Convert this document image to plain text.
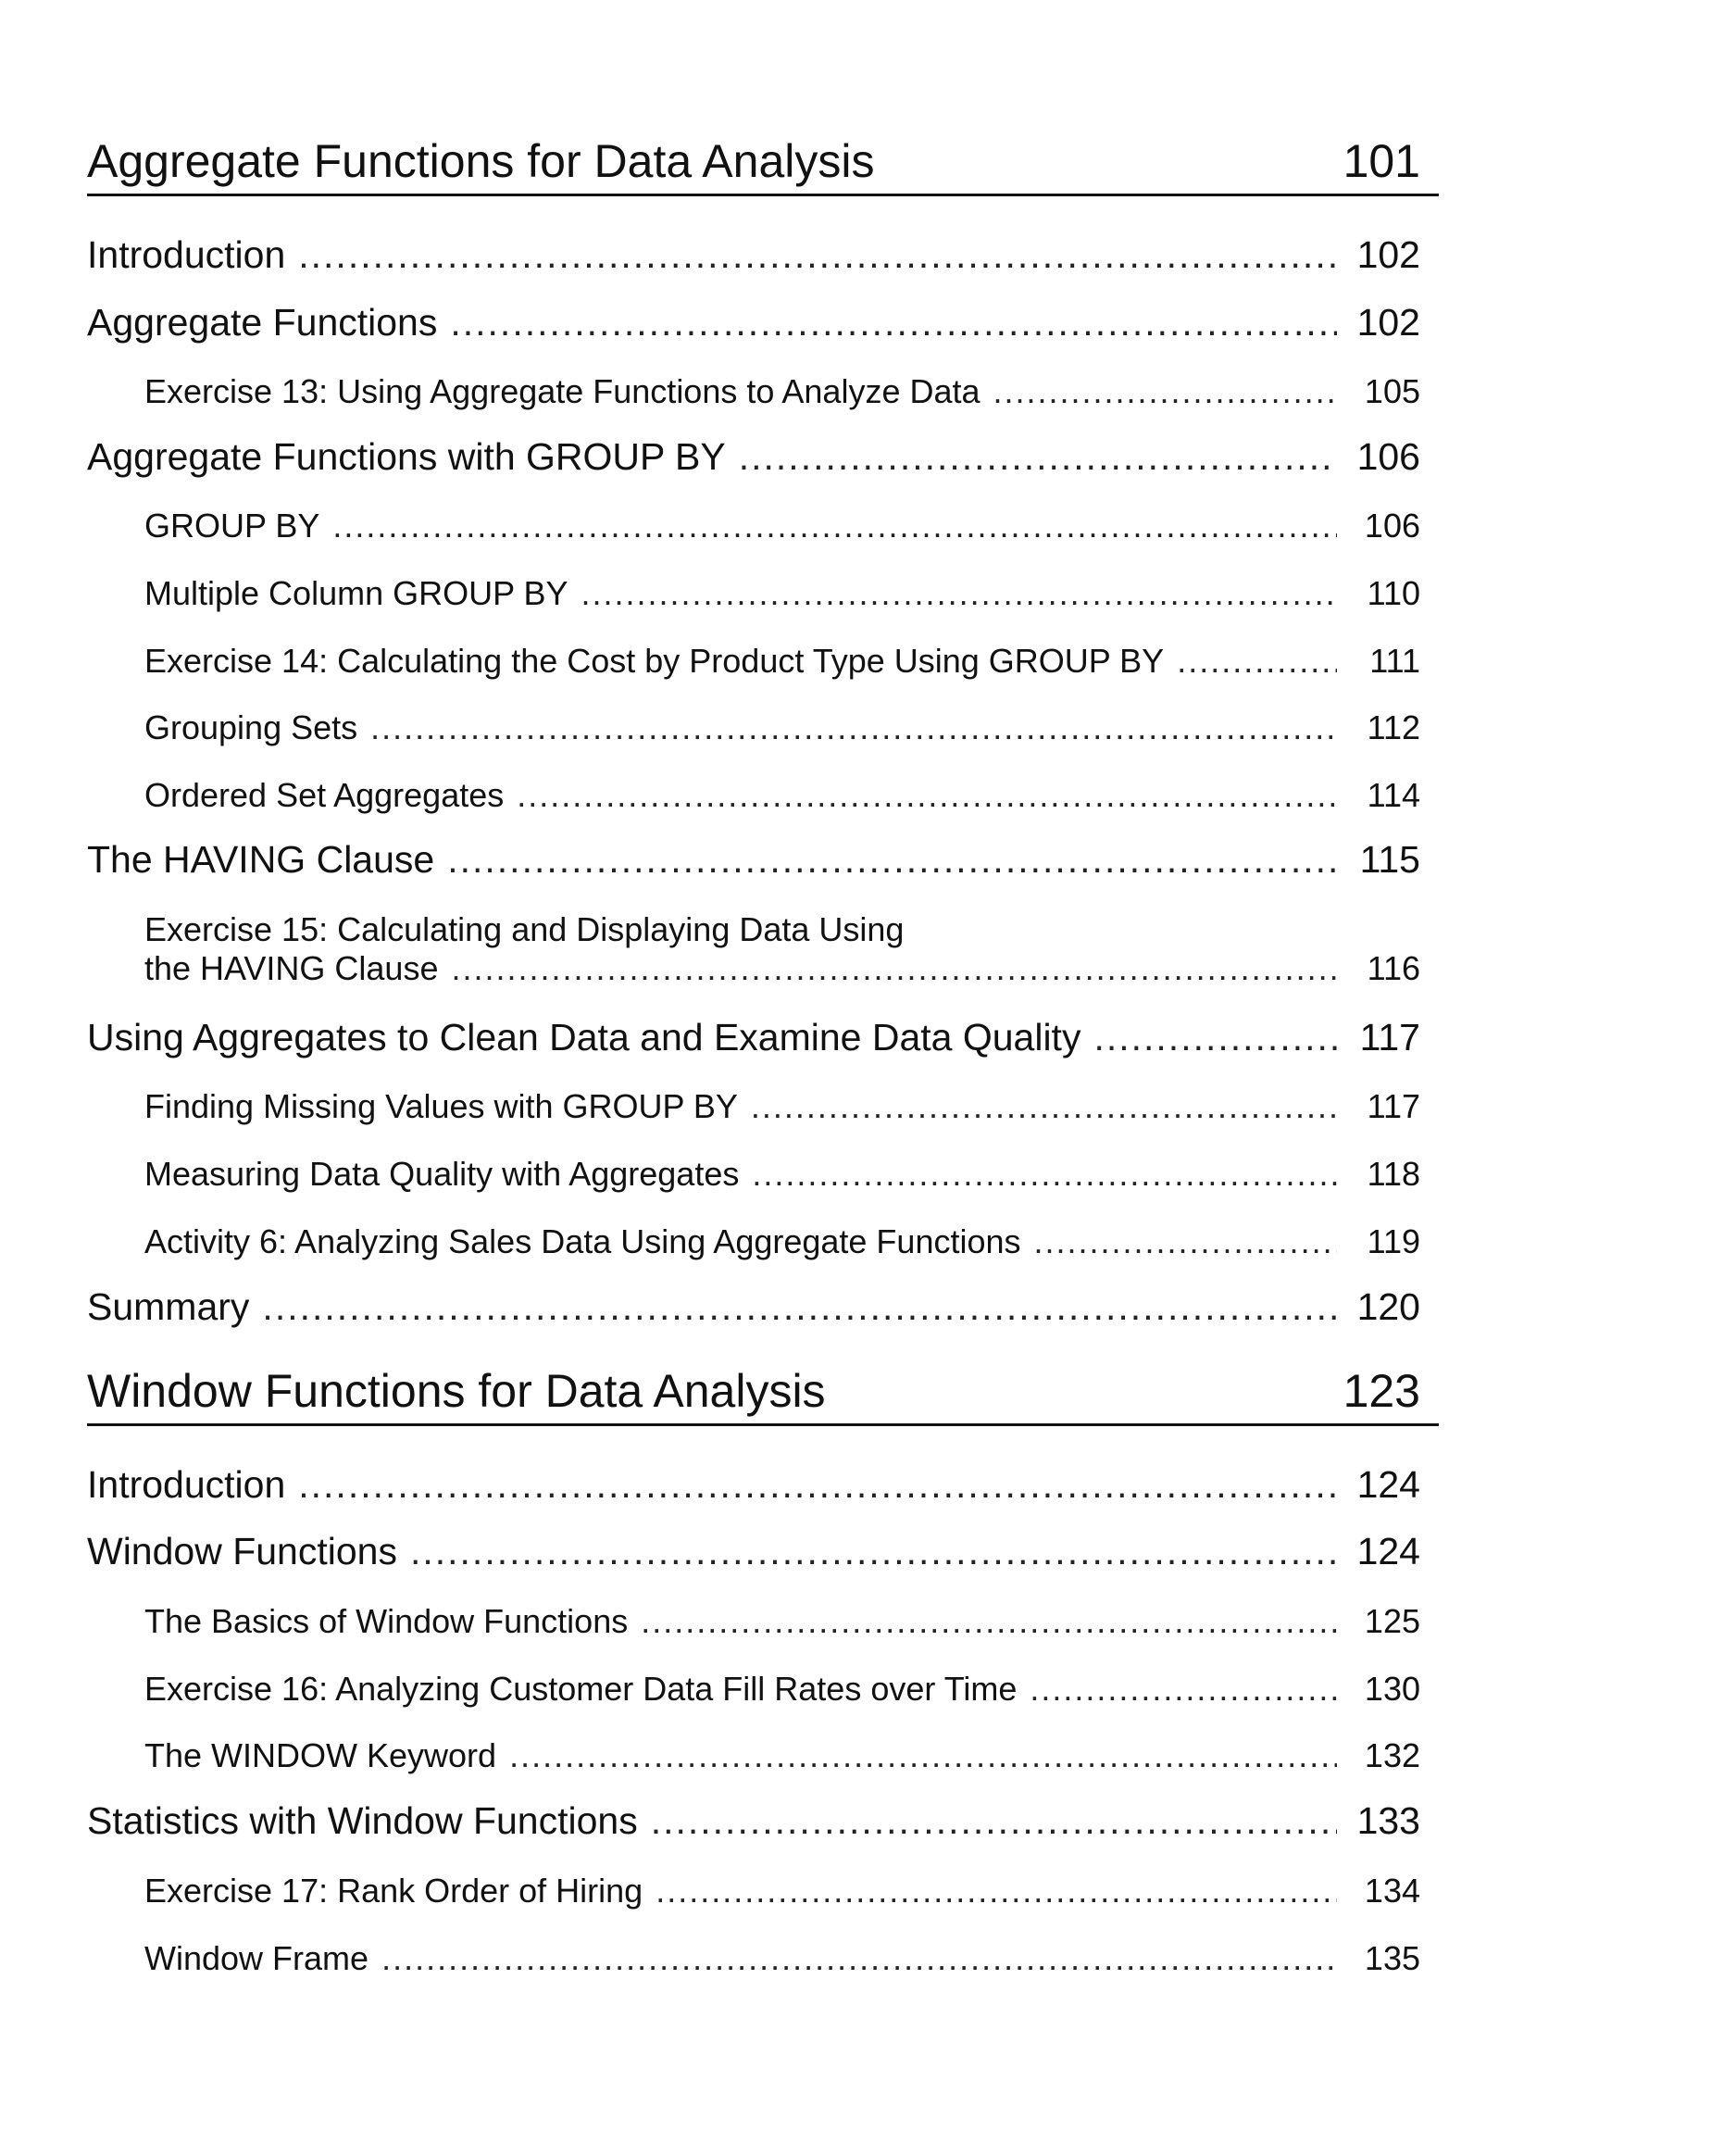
Aggregate Functions for Data Analysis	101
Introduction .....	102
Aggregate Functions .....	102
Exercise 13: Using Aggregate Functions to Analyze Data .....	105
Aggregate Functions with GROUP BY .....	106
GROUP BY .....	106
Multiple Column GROUP BY .....	110
Exercise 14: Calculating the Cost by Product Type Using GROUP BY .....	111
Grouping Sets .....	112
Ordered Set Aggregates .....	114
The HAVING Clause .....	115
Exercise 15: Calculating and Displaying Data Using
the HAVING Clause .....	116
Using Aggregates to Clean Data and Examine Data Quality .....	117
Finding Missing Values with GROUP BY .....	117
Measuring Data Quality with Aggregates .....	118
Activity 6: Analyzing Sales Data Using Aggregate Functions .....	119
Summary .....	120
Window Functions for Data Analysis	123
Introduction .....	124
Window Functions .....	124
The Basics of Window Functions .....	125
Exercise 16: Analyzing Customer Data Fill Rates over Time .....	130
The WINDOW Keyword .....	132
Statistics with Window Functions .....	133
Exercise 17: Rank Order of Hiring .....	134
Window Frame .....	135
